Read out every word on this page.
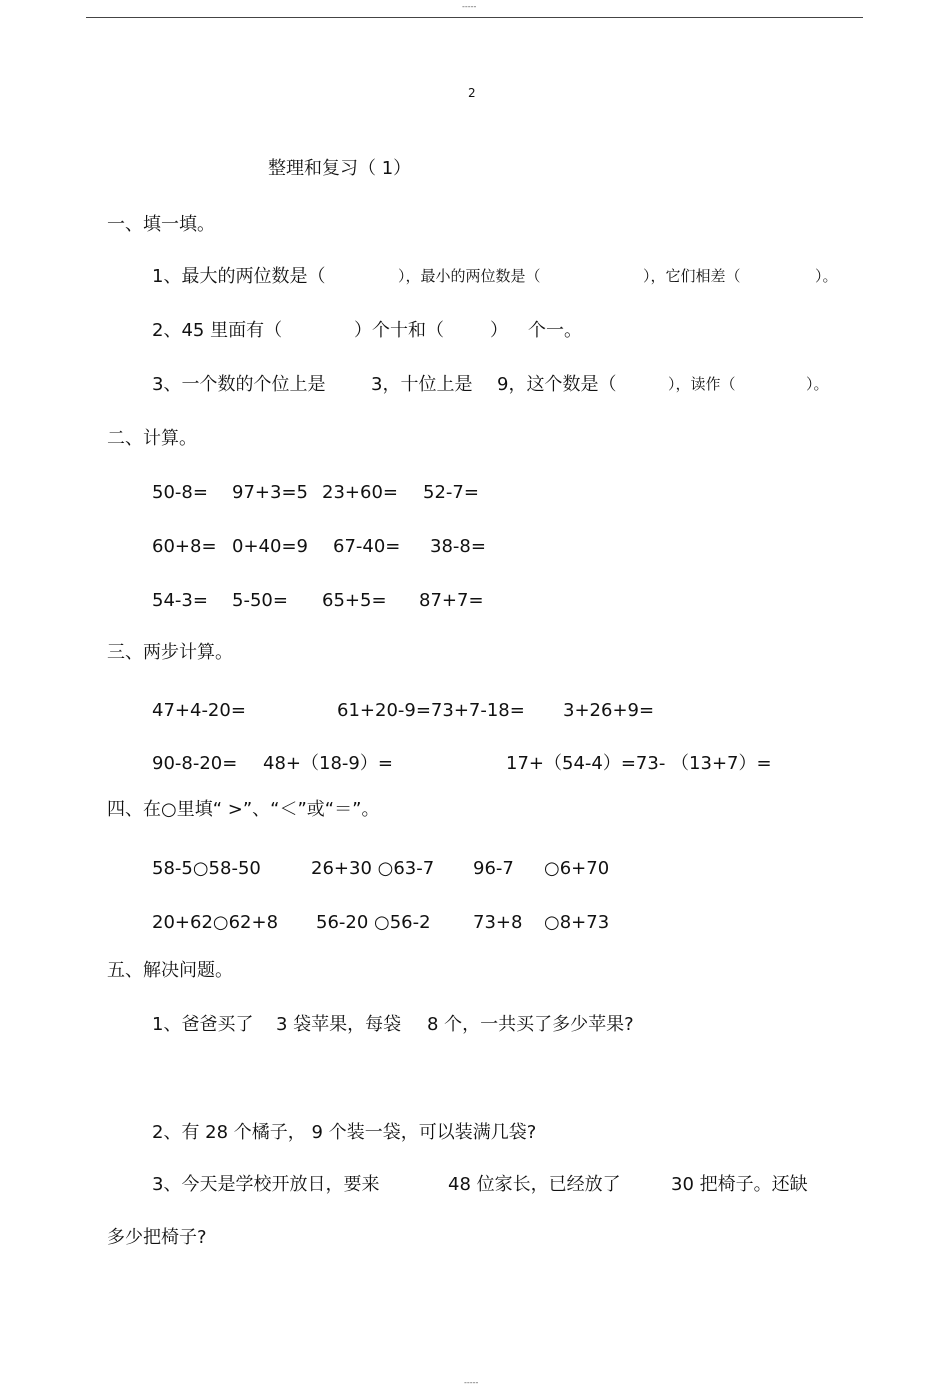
-----
2
整理和复习（ 1）
一、填一填。
1、最大的两位数是（	），最小的两位数是（	），它们相差（	）。
2、45 里面有（	）个十和（	） 个一。
3、一个数的个位上是	3，十位上是 9，这个数是（	），读作（	）。
二、计算。
50-8= 97+3=5 23+60= 52-7=
60+8= 0+40=9 67-40= 38-8=
54-3= 5-50= 65+5= 87+7=
三、两步计算。
47+4-20=	61+20-9=73+7-18= 3+26+9=
90-8-20= 48+（18-9）=	17+（54-4）=73- （13+7）=
四、在○里填“ >”、“＜”或“＝”。
58-5○58-50	26+30 ○63-7 96-7 ○6+70
20+62○62+8 56-20 ○56-2 73+8 ○8+73
五、解决问题。
1、爸爸买了 3 袋苹果，每袋 8 个，一共买了多少苹果?
2、有 28 个橘子， 9 个装一袋，可以装满几袋?
3、今天是学校开放日，要来	48 位家长，已经放了	30 把椅子。还缺
多少把椅子?
-----
